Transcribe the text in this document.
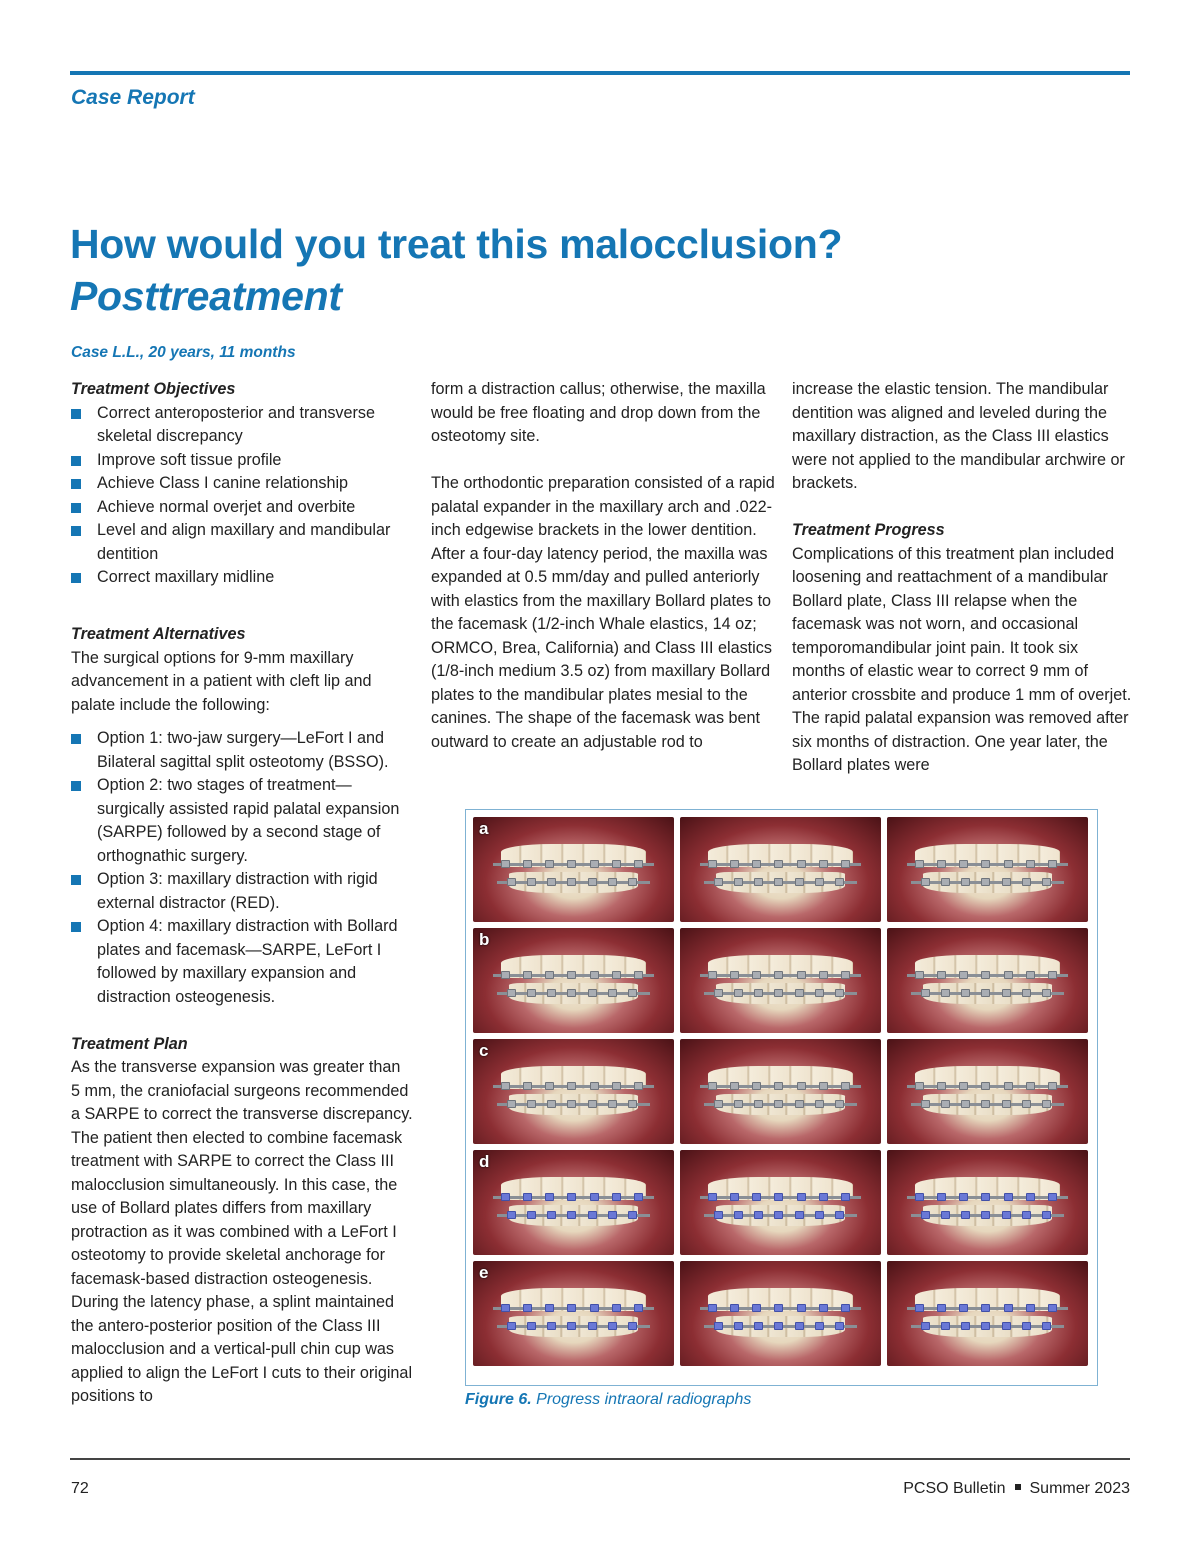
Case Report
How would you treat this malocclusion?
Posttreatment
Case L.L., 20 years, 11 months
Treatment Objectives
Correct anteroposterior and transverse skeletal discrepancy
Improve soft tissue profile
Achieve Class I canine relationship
Achieve normal overjet and overbite
Level and align maxillary and mandibular dentition
Correct maxillary midline
Treatment Alternatives

The surgical options for 9-mm maxillary advancement in a patient with cleft lip and palate include the following:

Option 1: two-jaw surgery—LeFort I and Bilateral sagittal split osteotomy (BSSO).
Option 2: two stages of treatment—surgically assisted rapid palatal expansion (SARPE) followed by a second stage of orthognathic surgery.
Option 3: maxillary distraction with rigid external distractor (RED).
Option 4: maxillary distraction with Bollard plates and facemask—SARPE, LeFort I followed by maxillary expansion and distraction osteogenesis.
Treatment Plan

As the transverse expansion was greater than 5 mm, the craniofacial surgeons recommended a SARPE to correct the transverse discrepancy. The patient then elected to combine facemask treatment with SARPE to correct the Class III malocclusion simultaneously. In this case, the use of Bollard plates differs from maxillary protraction as it was combined with a LeFort I osteotomy to provide skeletal anchorage for facemask-based distraction osteogenesis. During the latency phase, a splint maintained the antero-posterior position of the Class III malocclusion and a vertical-pull chin cup was applied to align the LeFort I cuts to their original positions to

form a distraction callus; otherwise, the maxilla would be free floating and drop down from the osteotomy site.

The orthodontic preparation consisted of a rapid palatal expander in the maxillary arch and .022-inch edgewise brackets in the lower dentition. After a four-day latency period, the maxilla was expanded at 0.5 mm/day and pulled anteriorly with elastics from the maxillary Bollard plates to the facemask (1/2-inch Whale elastics, 14 oz; ORMCO, Brea, California) and Class III elastics (1/8-inch medium 3.5 oz) from maxillary Bollard plates to the mandibular plates mesial to the canines. The shape of the facemask was bent outward to create an adjustable rod to

increase the elastic tension. The mandibular dentition was aligned and leveled during the maxillary distraction, as the Class III elastics were not applied to the mandibular archwire or brackets.

Treatment Progress

Complications of this treatment plan included loosening and reattachment of a mandibular Bollard plate, Class III relapse when the facemask was not worn, and occasional temporomandibular joint pain. It took six months of elastic wear to correct 9 mm of anterior crossbite and produce 1 mm of overjet. The rapid palatal expansion was removed after six months of distraction. One year later, the Bollard plates were

a
b
c
d
e
Figure 6. Progress intraoral radiographs
72	PCSO Bulletin Summer 2023
